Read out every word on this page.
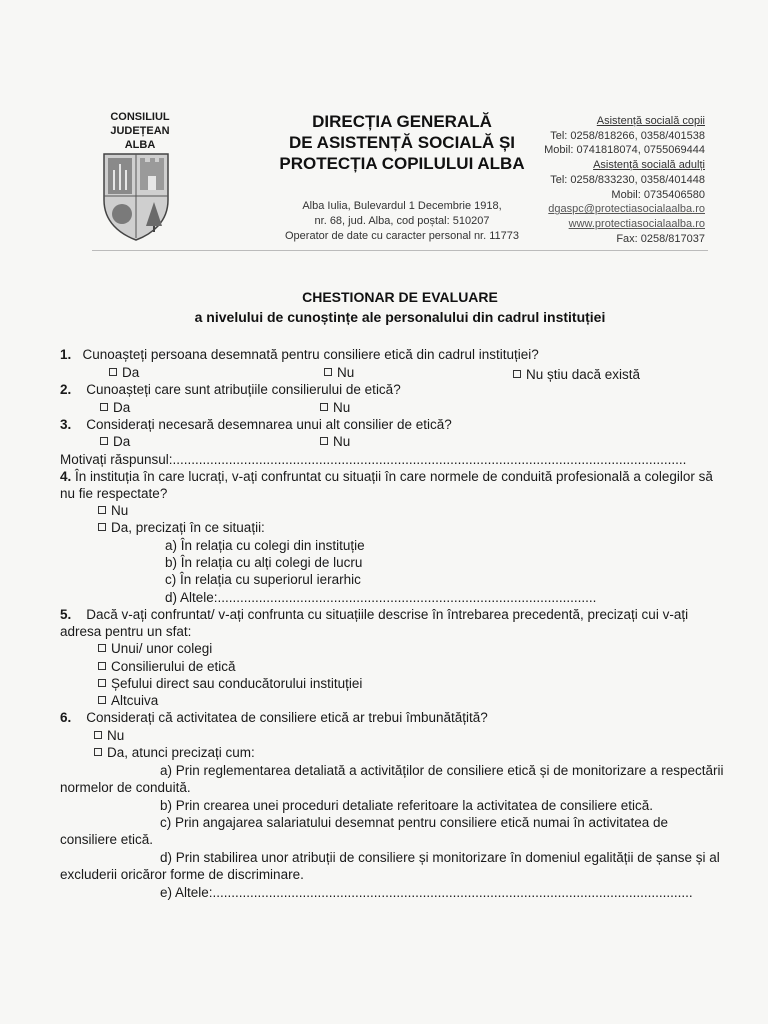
CONSILIUL
JUDEȚEAN
ALBA
DIRECȚIA GENERALĂ
DE ASISTENȚĂ SOCIALĂ ȘI
PROTECȚIA COPILULUI ALBA
Alba Iulia, Bulevardul 1 Decembrie 1918,
nr. 68, jud. Alba, cod poștal: 510207
Operator de date cu caracter personal nr. 11773
Asistență socială copii
Tel: 0258/818266, 0358/401538
Mobil: 0741818074, 0755069444
Asistență socială adulți
Tel: 0258/833230, 0358/401448
Mobil: 0735406580
dgaspc@protectiasocialaalba.ro
www.protectiasocialaalba.ro
Fax: 0258/817037
CHESTIONAR DE EVALUARE
a nivelului de cunoștințe ale personalului din cadrul instituției
1. Cunoașteți persoana desemnată pentru consiliere etică din cadrul instituției?
Da	Nu	Nu știu dacă există
2. Cunoașteți care sunt atribuțiile consilierului de etică?
Da	Nu
3. Considerați necesară desemnarea unui alt consilier de etică?
Da	Nu
Motivați răspunsul:.........................................................................................................................................
4. În instituția în care lucrați, v-ați confruntat cu situații în care normele de conduită profesională a colegilor să
nu fie respectate?
Nu
Da, precizați în ce situații:
a) În relația cu colegi din instituție
b) În relația cu alți colegi de lucru
c) În relația cu superiorul ierarhic
d) Altele:.....................................................................................................
5. Dacă v-ați confruntat/ v-ați confrunta cu situațiile descrise în întrebarea precedentă, precizați cui v-ați
adresa pentru un sfat:
Unui/ unor colegi
Consilierului de etică
Șefului direct sau conducătorului instituției
Altcuiva
6. Considerați că activitatea de consiliere etică ar trebui îmbunătățită?
Nu
Da, atunci precizați cum:
a) Prin reglementarea detaliată a activităților de consiliere etică și de monitorizare a respectării
normelor de conduită.
b) Prin crearea unei proceduri detaliate referitoare la activitatea de consiliere etică.
c) Prin angajarea salariatului desemnat pentru consiliere etică numai în activitatea de
consiliere etică.
d) Prin stabilirea unor atribuții de consiliere și monitorizare în domeniul egalității de șanse și al
excluderii oricăror forme de discriminare.
e) Altele:................................................................................................................................
